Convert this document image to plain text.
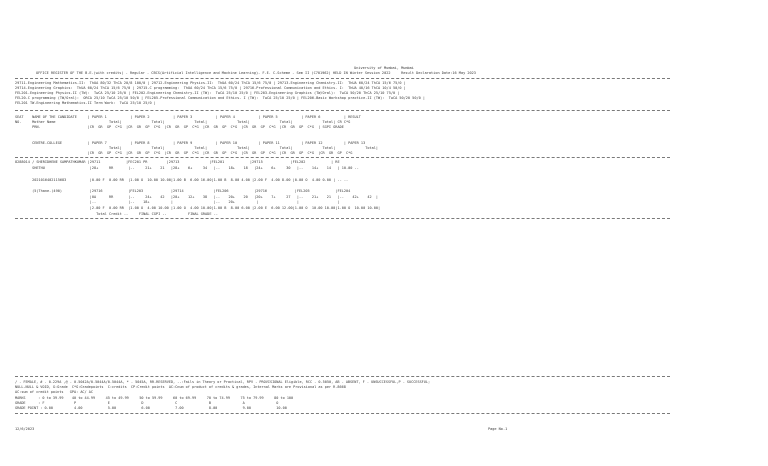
University of Mumbai, Mumbai
OFFICE REGISTER OF THE B.E.(with credits) - Regular - CBCS(Artificial Intelligence and Machine Learning)- F.E. C-Scheme - Sem II (C701962) HELD IN Winter Session 2022     Result Declaration Date:16 May 2023
29711-Engineering Mathematics-II:  ThUA 80/32 ThCA 20/8 100/0 | 29712-Engineering Physics-II:  ThUA 60/24 ThCA 15/6 75/0 | 29713-Engineering Chemistry-II:  ThUA 60/24 ThCA 15/6 75/0 |
29714-Engineering Graphics:  ThUA 60/24 ThCA 15/6 75/0 | 29715-C programming:  ThUA 60/24 ThCA 15/6 75/0 | 29716-Professional Communication and Ethics- I:  ThUA 40/16 ThCA 10/4 50/0 |
FEL201-Engineering Physics-II (TW):  TwCA 25/10 25/0 | FEL202-Engineering Chemistry-II (TW):  TwCA 25/10 25/0 | FEL203-Engineering Graphics (TW/Oral):  TwCA 50/20 ThCA 25/10 75/0 |
FEL20-C programming (TW/Oral):  ORCA 25/10 TwCA 25/10 50/0 | FEL205-Professional Communication and Ethics- I (TW):  TwCA 25/10 25/0 | FEL206-Basic Workshop practice-II (TW):  TwCA 50/20 50/0 |
FEL201 TW-Engineering Mathematics-II Term Work:  TwCA 25/10 25/0 |
SEAT    NAME OF THE CANDIDATE     | PAPER 1           | PAPER 2           | PAPER 3           | PAPER 4           | PAPER 5           | PAPER 6           | RESULT
NO.     Mother Name                         Total|              Total|              Total|              Total|              Total|              Total| CR C*G
PRN.                      |CR  GR  GP  C*G  |CR  GR  GP  C*G  |CR  GR  GP  C*G  |CR  GR  GP  C*G  |CR  GR  GP  C*G  |CR  GR  GP  C*G  | SGPI GRADE
CENTRE-COLLEGE            | PAPER 7           | PAPER 8           | PAPER 9           | PAPER 10          | PAPER 11          | PAPER 12          | PAPER 13
Total|              Total|              Total|              Total|              Total|              Total|              Total|
|CR  GR  GP  C*G  |CR  GR  GP  C*G  |CR  GR  GP  C*G  |CR  GR  GP  C*G  |CR  GR  GP  C*G  |CR  GR  GP  C*G  |CR  GR  GP  C*G
8288014 / SHERIDHENE SAMPATHKUMAR |29711            |FEC201 PR         |29713              |FEL201            |29715             |FEL202            | RE
SHETHU                     |28+     RR       |--     21+    21   |28+    6+     34   |--    18+    18   |24+    6+     30   |--    14+    14   | 10.00 --
2021016402115683           |0.00 F  0.00 RR  |1.00 O  10.00 10.00|1.00 B  6.00 16.00|1.00 B  8.00 4.00 |2.00 F  4.00 8.00 |0.00 O  4.00 0.00 | -- --
(5)Thane-(490)             |29716            |FEL203             |29714              |FEL206            |29716             |FEL205            |FEL204
|0A      RR       |--     24+    42   |20+    12+    38   |--    20+    20   |20+    7+     27   |--    21+    21   |--    42+    42  |
|--               |--    18+          |                   |--    20+          |                  |                  |
|2.00 F  0.00 RR  |1.00 O  4.00 10.00 |1.00 O  4.00 10.00|1.00 B  8.00 6.00 |2.00 E  6.00 12.00|1.00 O  10.00 10.00|1.00 O  10.00 10.00|
Total Credit --     FINAL CGPI --          FINAL GRADE --
/ - FEMALE, # - 0.229A ,@ - 0.5042A/0.5044A/0.5044A, * - 5045A, RR-RESERVED, --:Fails in Theory or Practical, RPV - PROVISIONAL Eligible, RCC - 0.5050, AB - ABSENT, F - UNSUCCESSFUL,P - SUCCESSFUL;
NULL-NULL & VOID, G:Grade  C*G:Gradepoints  C:credits  CP:Credit points  AC:Cnum of product of credits & grades, Internal Marks are Provisional as per R.8668
AC:sum of credit points   GPA: AC/ AC
MARKS      : 0 to 39.99    40 to 44.99     45 to 49.99     50 to 59.99     60 to 69.99     70 to 74.99     75 to 79.99     80 to 100
GRADE      : F              P               E               D               C               B               A               O
GRADE POINT : 0.00          4.00            5.00            6.00            7.00            8.00            9.00            10.00
12/6/2023	Page No.1
